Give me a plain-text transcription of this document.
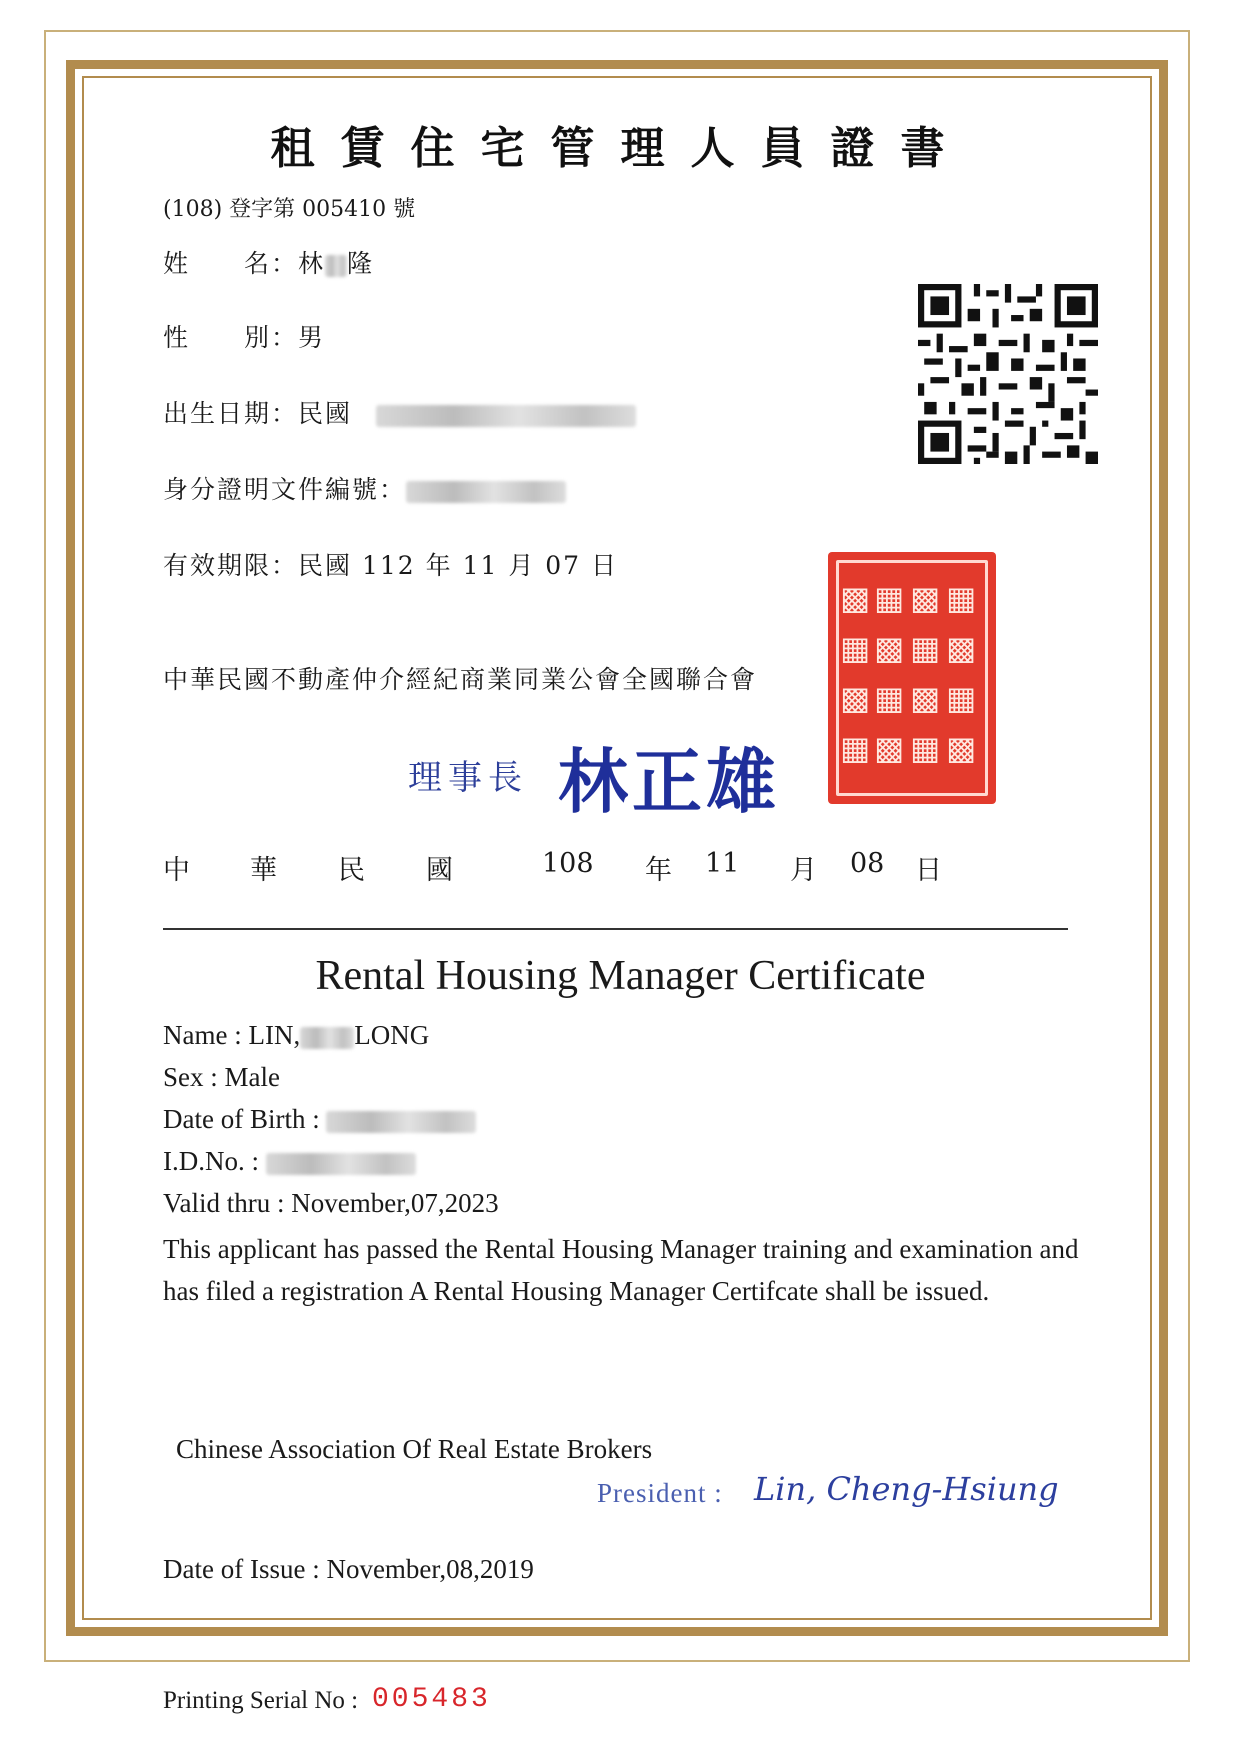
租賃住宅管理人員證書
(108) 登字第 005410 號
姓　　名：林 隆
性　　別：男
出生日期：民國
身分證明文件編號：
有效期限：民國 112 年 11 月 07 日
▦
▩
▦
▩
▩
▦
▩
▦
▦
▩
▦
▩
▩
▦
▩
▦
中華民國不動產仲介經紀商業同業公會全國聯合會
理事長 林正雄
中 華 民 國	108 年 11 月 08 日
Rental Housing Manager Certificate
Name : LIN, LONG
Sex : Male
Date of Birth :
I.D.No. :
Valid thru : November,07,2023
This applicant has passed the Rental Housing Manager training and examination and has filed a registration A Rental Housing Manager Certifcate shall be issued.
Chinese Association Of Real Estate Brokers
President : Lin, Cheng-Hsiung
Date of Issue : November,08,2019
Printing Serial No : 005483
